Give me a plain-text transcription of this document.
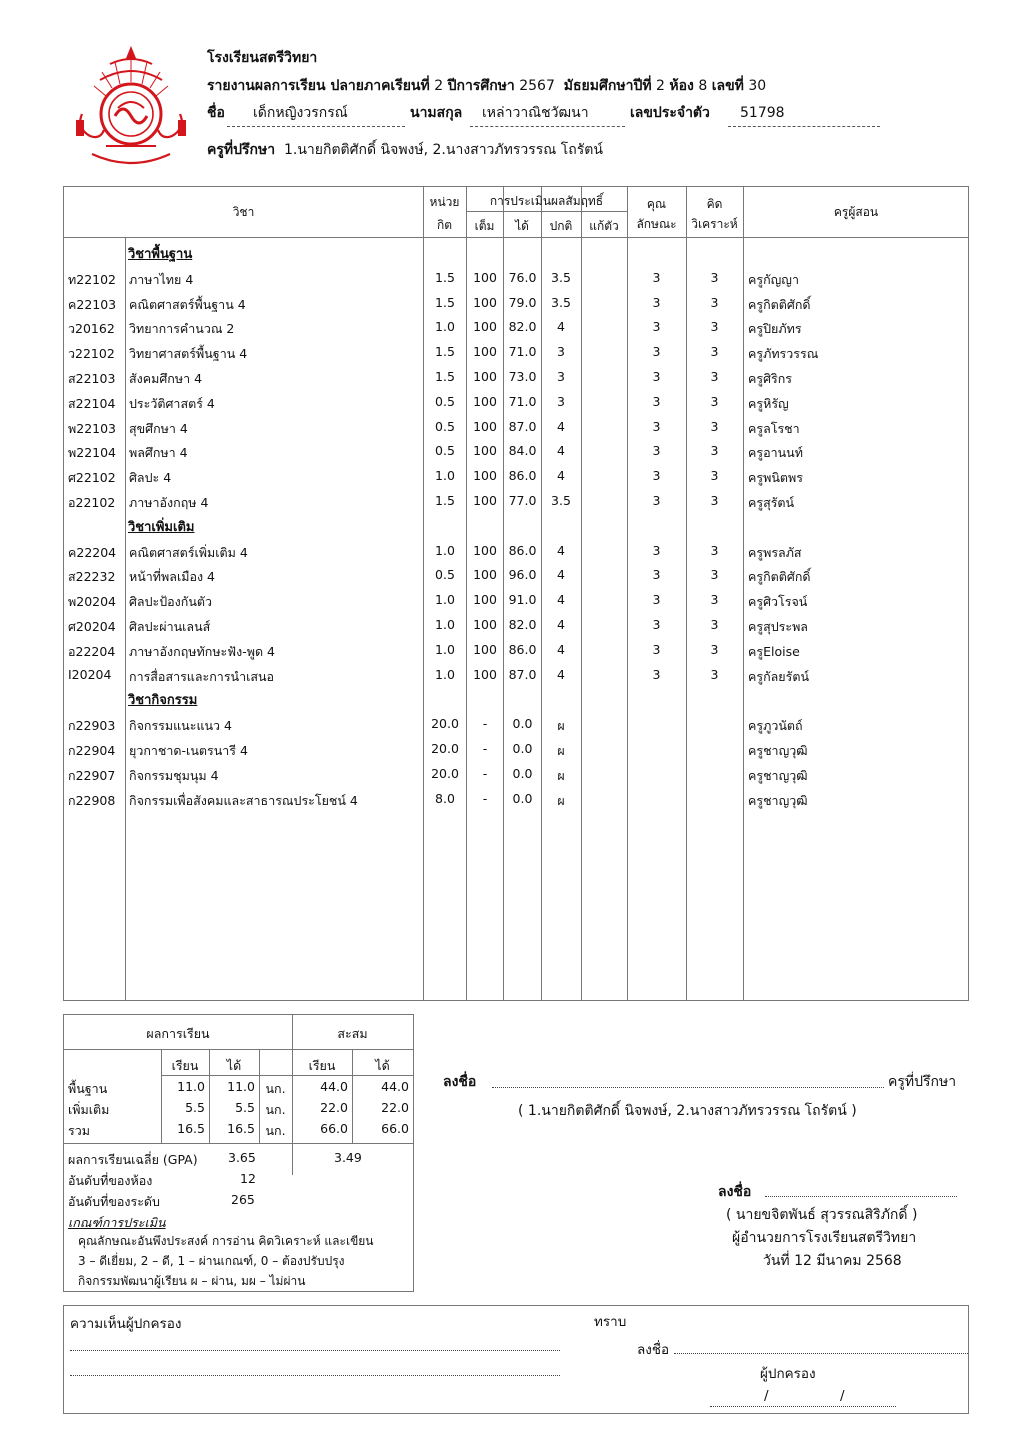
โรงเรียนสตรีวิทยา
รายงานผลการเรียน ปลายภาคเรียนที่ 2 ปีการศึกษา 2567 มัธยมศึกษาปีที่ 2 ห้อง 8 เลขที่ 30
ชื่อ เด็กหญิงวรกรณ์	นามสกุล เหล่าวาณิชวัฒนา	เลขประจำตัว 51798
ครูที่ปรึกษา 1.นายกิตติศักดิ์ นิจพงษ์, 2.นางสาวภัทรวรรณ โถรัตน์
วิชา
หน่วย
กิต
การประเมินผลสัมฤทธิ์
เต็ม	ได้	ปกติ	แก้ตัว
คุณ
ลักษณะ
คิด
วิเคราะห์
ครูผู้สอน
วิชาพื้นฐาน
ท22102	ภาษาไทย 4	1.5	100 76.0	3.5	3	3	ครูกัญญา
ค22103	คณิตศาสตร์พื้นฐาน 4	1.5	100 79.0	3.5	3	3	ครูกิตติศักดิ์
ว20162	วิทยาการคำนวณ 2	1.0	100 82.0	4	3	3	ครูปิยภัทร
ว22102	วิทยาศาสตร์พื้นฐาน 4	1.5	100 71.0	3	3	3	ครูภัทรวรรณ
ส22103	สังคมศึกษา 4	1.5	100 73.0	3	3	3	ครูศิริกร
ส22104	ประวัติศาสตร์ 4	0.5	100 71.0	3	3	3	ครูหิรัญ
พ22103	สุขศึกษา 4	0.5	100 87.0	4	3	3	ครูลโรชา
พ22104	พลศึกษา 4	0.5	100 84.0	4	3	3	ครูอานนท์
ศ22102	ศิลปะ 4	1.0	100 86.0	4	3	3	ครูพนิตพร
อ22102	ภาษาอังกฤษ 4	1.5	100 77.0	3.5	3	3	ครูสุรัตน์
วิชาเพิ่มเติม
ค22204	คณิตศาสตร์เพิ่มเติม 4	1.0	100 86.0	4	3	3	ครูพรลภัส
ส22232	หน้าที่พลเมือง 4	0.5	100 96.0	4	3	3	ครูกิตติศักดิ์
พ20204	ศิลปะป้องกันตัว	1.0	100 91.0	4	3	3	ครูศิวโรจน์
ศ20204	ศิลปะผ่านเลนส์	1.0	100 82.0	4	3	3	ครูสุประพล
อ22204	ภาษาอังกฤษทักษะฟัง-พูด 4	1.0	100 86.0	4	3	3	ครูEloise
I20204	การสื่อสารและการนำเสนอ	1.0	100 87.0	4	3	3	ครูกัลยรัตน์
วิชากิจกรรม
ก22903	กิจกรรมแนะแนว 4	20.0	-	0.0	ผ	ครูภูวนัตถ์
ก22904	ยุวกาชาด-เนตรนารี 4	20.0	-	0.0	ผ	ครูชาญวุฒิ
ก22907	กิจกรรมชุมนุม 4	20.0	-	0.0	ผ	ครูชาญวุฒิ
ก22908	กิจกรรมเพื่อสังคมและสาธารณประโยชน์ 4	8.0	-	0.0	ผ	ครูชาญวุฒิ
ผลการเรียน	สะสม
เรียน	ได้	เรียน	ได้
ผลการเรียนเฉลี่ย (GPA) 3.65	3.49
อันดับที่ของห้อง	12
อันดับที่ของระดับ	265
เกณฑ์การประเมิน
คุณลักษณะอันพึงประสงค์ การอ่าน คิดวิเคราะห์ และเขียน
3 – ดีเยี่ยม, 2 – ดี, 1 – ผ่านเกณฑ์, 0 – ต้องปรับปรุง
กิจกรรมพัฒนาผู้เรียน ผ – ผ่าน, มผ – ไม่ผ่าน
พื้นฐาน	11.0	11.0 นก.	44.0	44.0
เพิ่มเติม	5.5	5.5 นก.	22.0	22.0
รวม	16.5	16.5 นก.	66.0	66.0
ลงชื่อ	ครูที่ปรึกษา
( 1.นายกิตติศักดิ์ นิจพงษ์, 2.นางสาวภัทรวรรณ โถรัตน์ )
ลงชื่อ
( นายขจิตพันธ์ สุวรรณสิริภักดิ์ )
ผู้อำนวยการโรงเรียนสตรีวิทยา
วันที่ 12 มีนาคม 2568
ความเห็นผู้ปกครอง	ทราบ
ลงชื่อ
ผู้ปกครอง
/	/
